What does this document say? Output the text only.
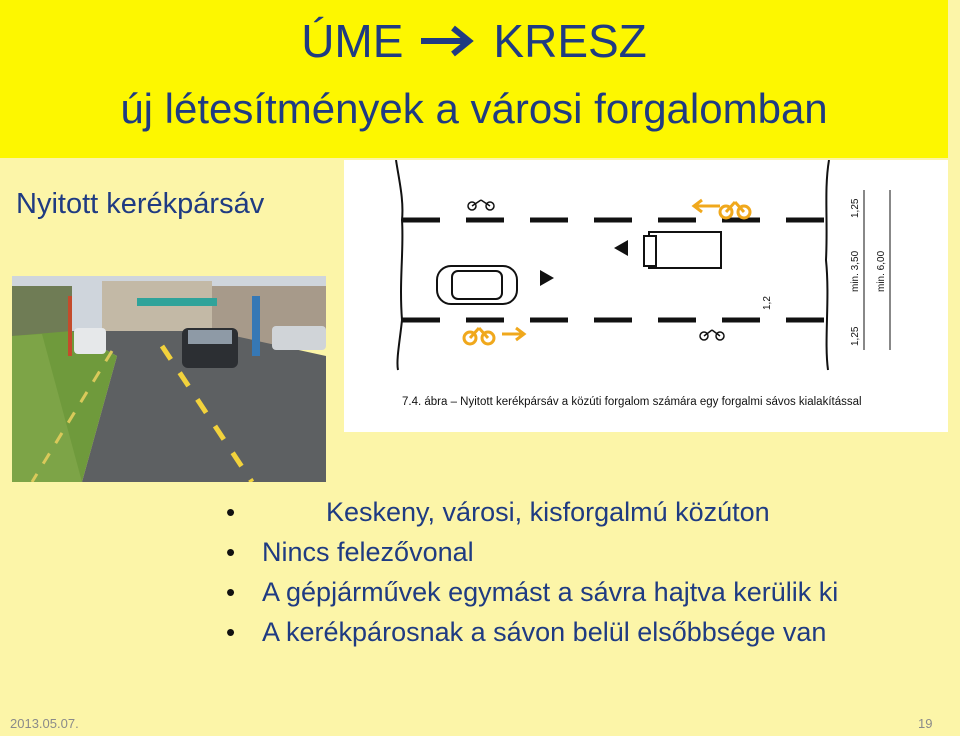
ÚME KRESZ
új létesítmények a városi forgalomban
Nyitott kerékpársáv
1,2
1,25
min. 3,50
1,25
min. 6,00
7.4. ábra – Nyitott kerékpársáv a közúti forgalom számára egy forgalmi sávos kialakítással
•	Keskeny, városi, kisforgalmú közúton
• Nincs felezővonal
• A gépjárművek egymást a sávra hajtva kerülik ki
• A kerékpárosnak a sávon belül elsőbbsége van
2013.05.07.	19
